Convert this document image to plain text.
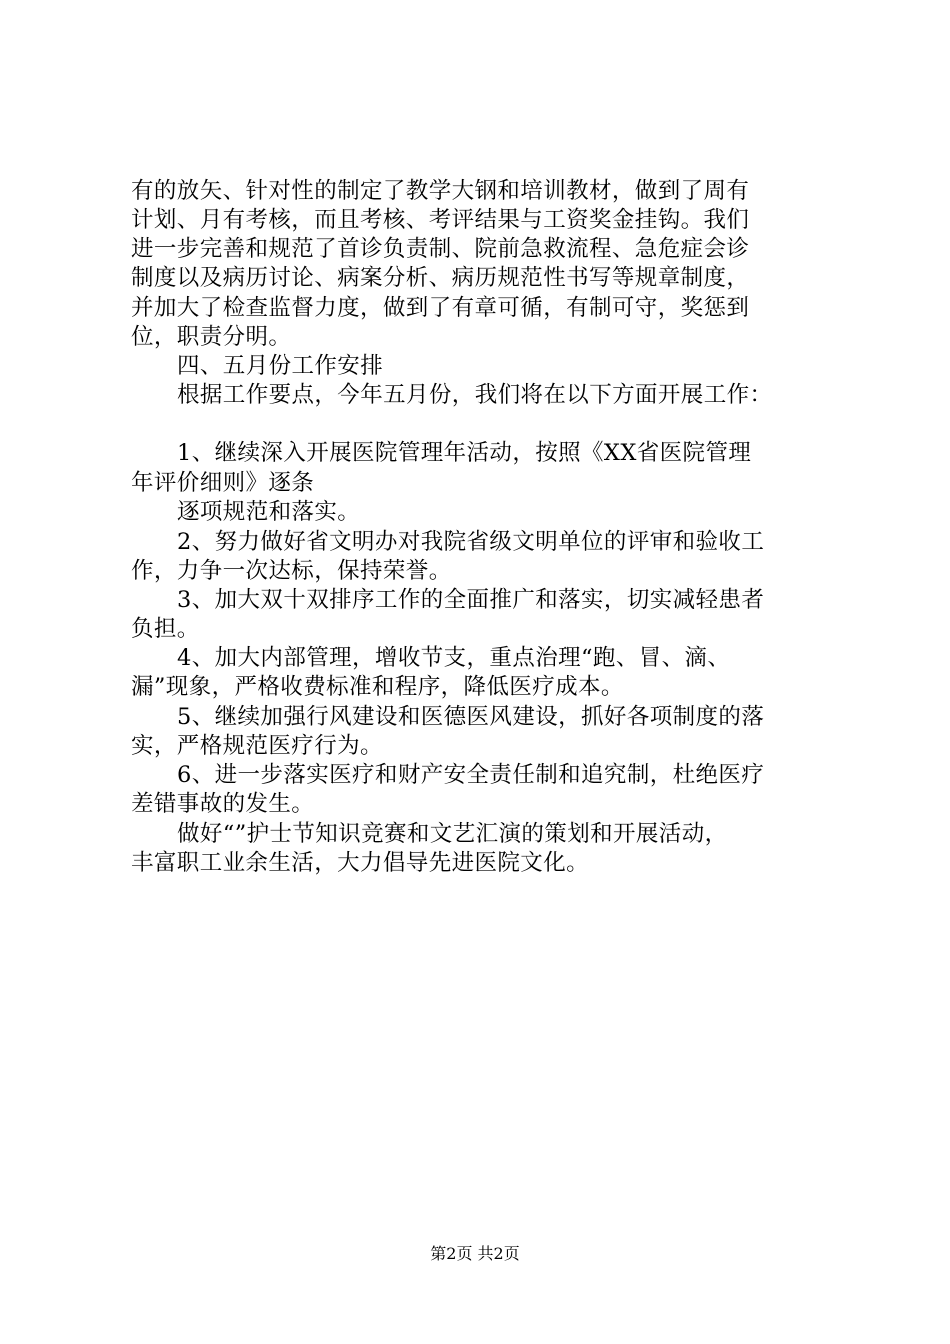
有的放矢、针对性的制定了教学大钢和培训教材，做到了周有
计划、月有考核，而且考核、考评结果与工资奖金挂钩。我们
进一步完善和规范了首诊负责制、院前急救流程、急危症会诊
制度以及病历讨论、病案分析、病历规范性书写等规章制度，
并加大了检查监督力度，做到了有章可循，有制可守，奖惩到
位，职责分明。
四、五月份工作安排
根据工作要点，今年五月份，我们将在以下方面开展工作：
1、继续深入开展医院管理年活动，按照《XX省医院管理
年评价细则》逐条
逐项规范和落实。
2、努力做好省文明办对我院省级文明单位的评审和验收工
作，力争一次达标，保持荣誉。
3、加大双十双排序工作的全面推广和落实，切实减轻患者
负担。
4、加大内部管理，增收节支，重点治理“跑、冒、滴、
漏”现象，严格收费标准和程序，降低医疗成本。
5、继续加强行风建设和医德医风建设，抓好各项制度的落
实，严格规范医疗行为。
6、进一步落实医疗和财产安全责任制和追究制，杜绝医疗
差错事故的发生。
做好“”护士节知识竞赛和文艺汇演的策划和开展活动，
丰富职工业余生活，大力倡导先进医院文化。
第2页 共2页
